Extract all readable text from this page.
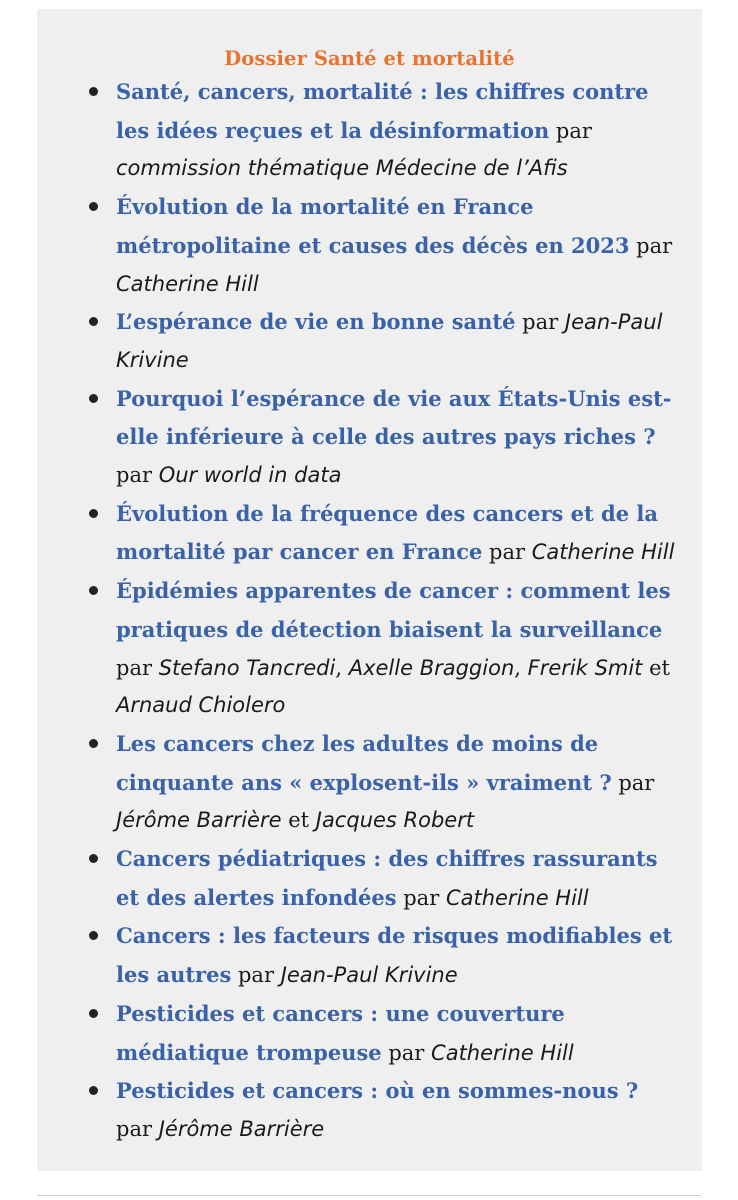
Dossier Santé et mortalité
Santé, cancers, mortalité : les chiffres contre les idées reçues et la désinformation par commission thématique Médecine de l’Afis
Évolution de la mortalité en France métropolitaine et causes des décès en 2023 par Catherine Hill
L’espérance de vie en bonne santé par Jean-Paul Krivine
Pourquoi l’espérance de vie aux États-Unis est-elle inférieure à celle des autres pays riches ? par Our world in data
Évolution de la fréquence des cancers et de la mortalité par cancer en France par Catherine Hill
Épidémies apparentes de cancer : comment les pratiques de détection biaisent la surveillance par Stefano Tancredi, Axelle Braggion, Frerik Smit et Arnaud Chiolero
Les cancers chez les adultes de moins de cinquante ans « explosent-ils » vraiment ? par Jérôme Barrière et Jacques Robert
Cancers pédiatriques : des chiffres rassurants et des alertes infondées par Catherine Hill
Cancers : les facteurs de risques modifiables et les autres par Jean-Paul Krivine
Pesticides et cancers : une couverture médiatique trompeuse par Catherine Hill
Pesticides et cancers : où en sommes-nous ? par Jérôme Barrière
